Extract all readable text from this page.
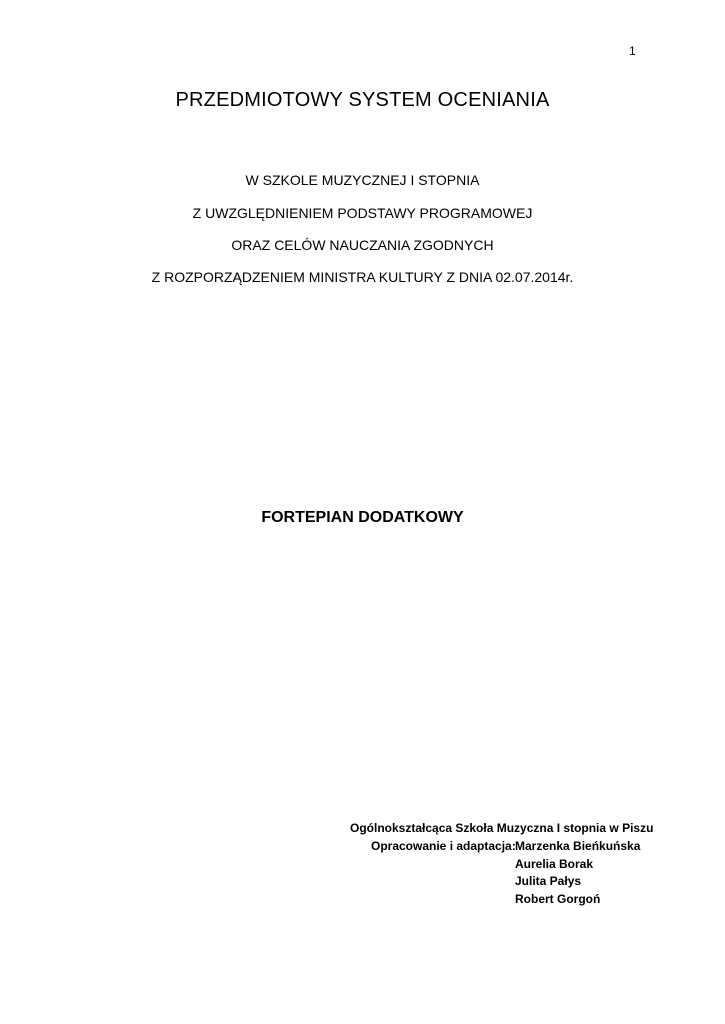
1
PRZEDMIOTOWY SYSTEM OCENIANIA
W SZKOLE MUZYCZNEJ I STOPNIA
Z UWZGLĘDNIENIEM PODSTAWY PROGRAMOWEJ
ORAZ CELÓW NAUCZANIA ZGODNYCH
Z ROZPORZĄDZENIEM MINISTRA KULTURY Z DNIA 02.07.2014r.
FORTEPIAN DODATKOWY
Ogólnokształcąca Szkoła Muzyczna I stopnia w Piszu
Opracowanie i adaptacja: Marzenka Bieńkuńska
Aurelia Borak
Julita Pałys
Robert Gorgoń
